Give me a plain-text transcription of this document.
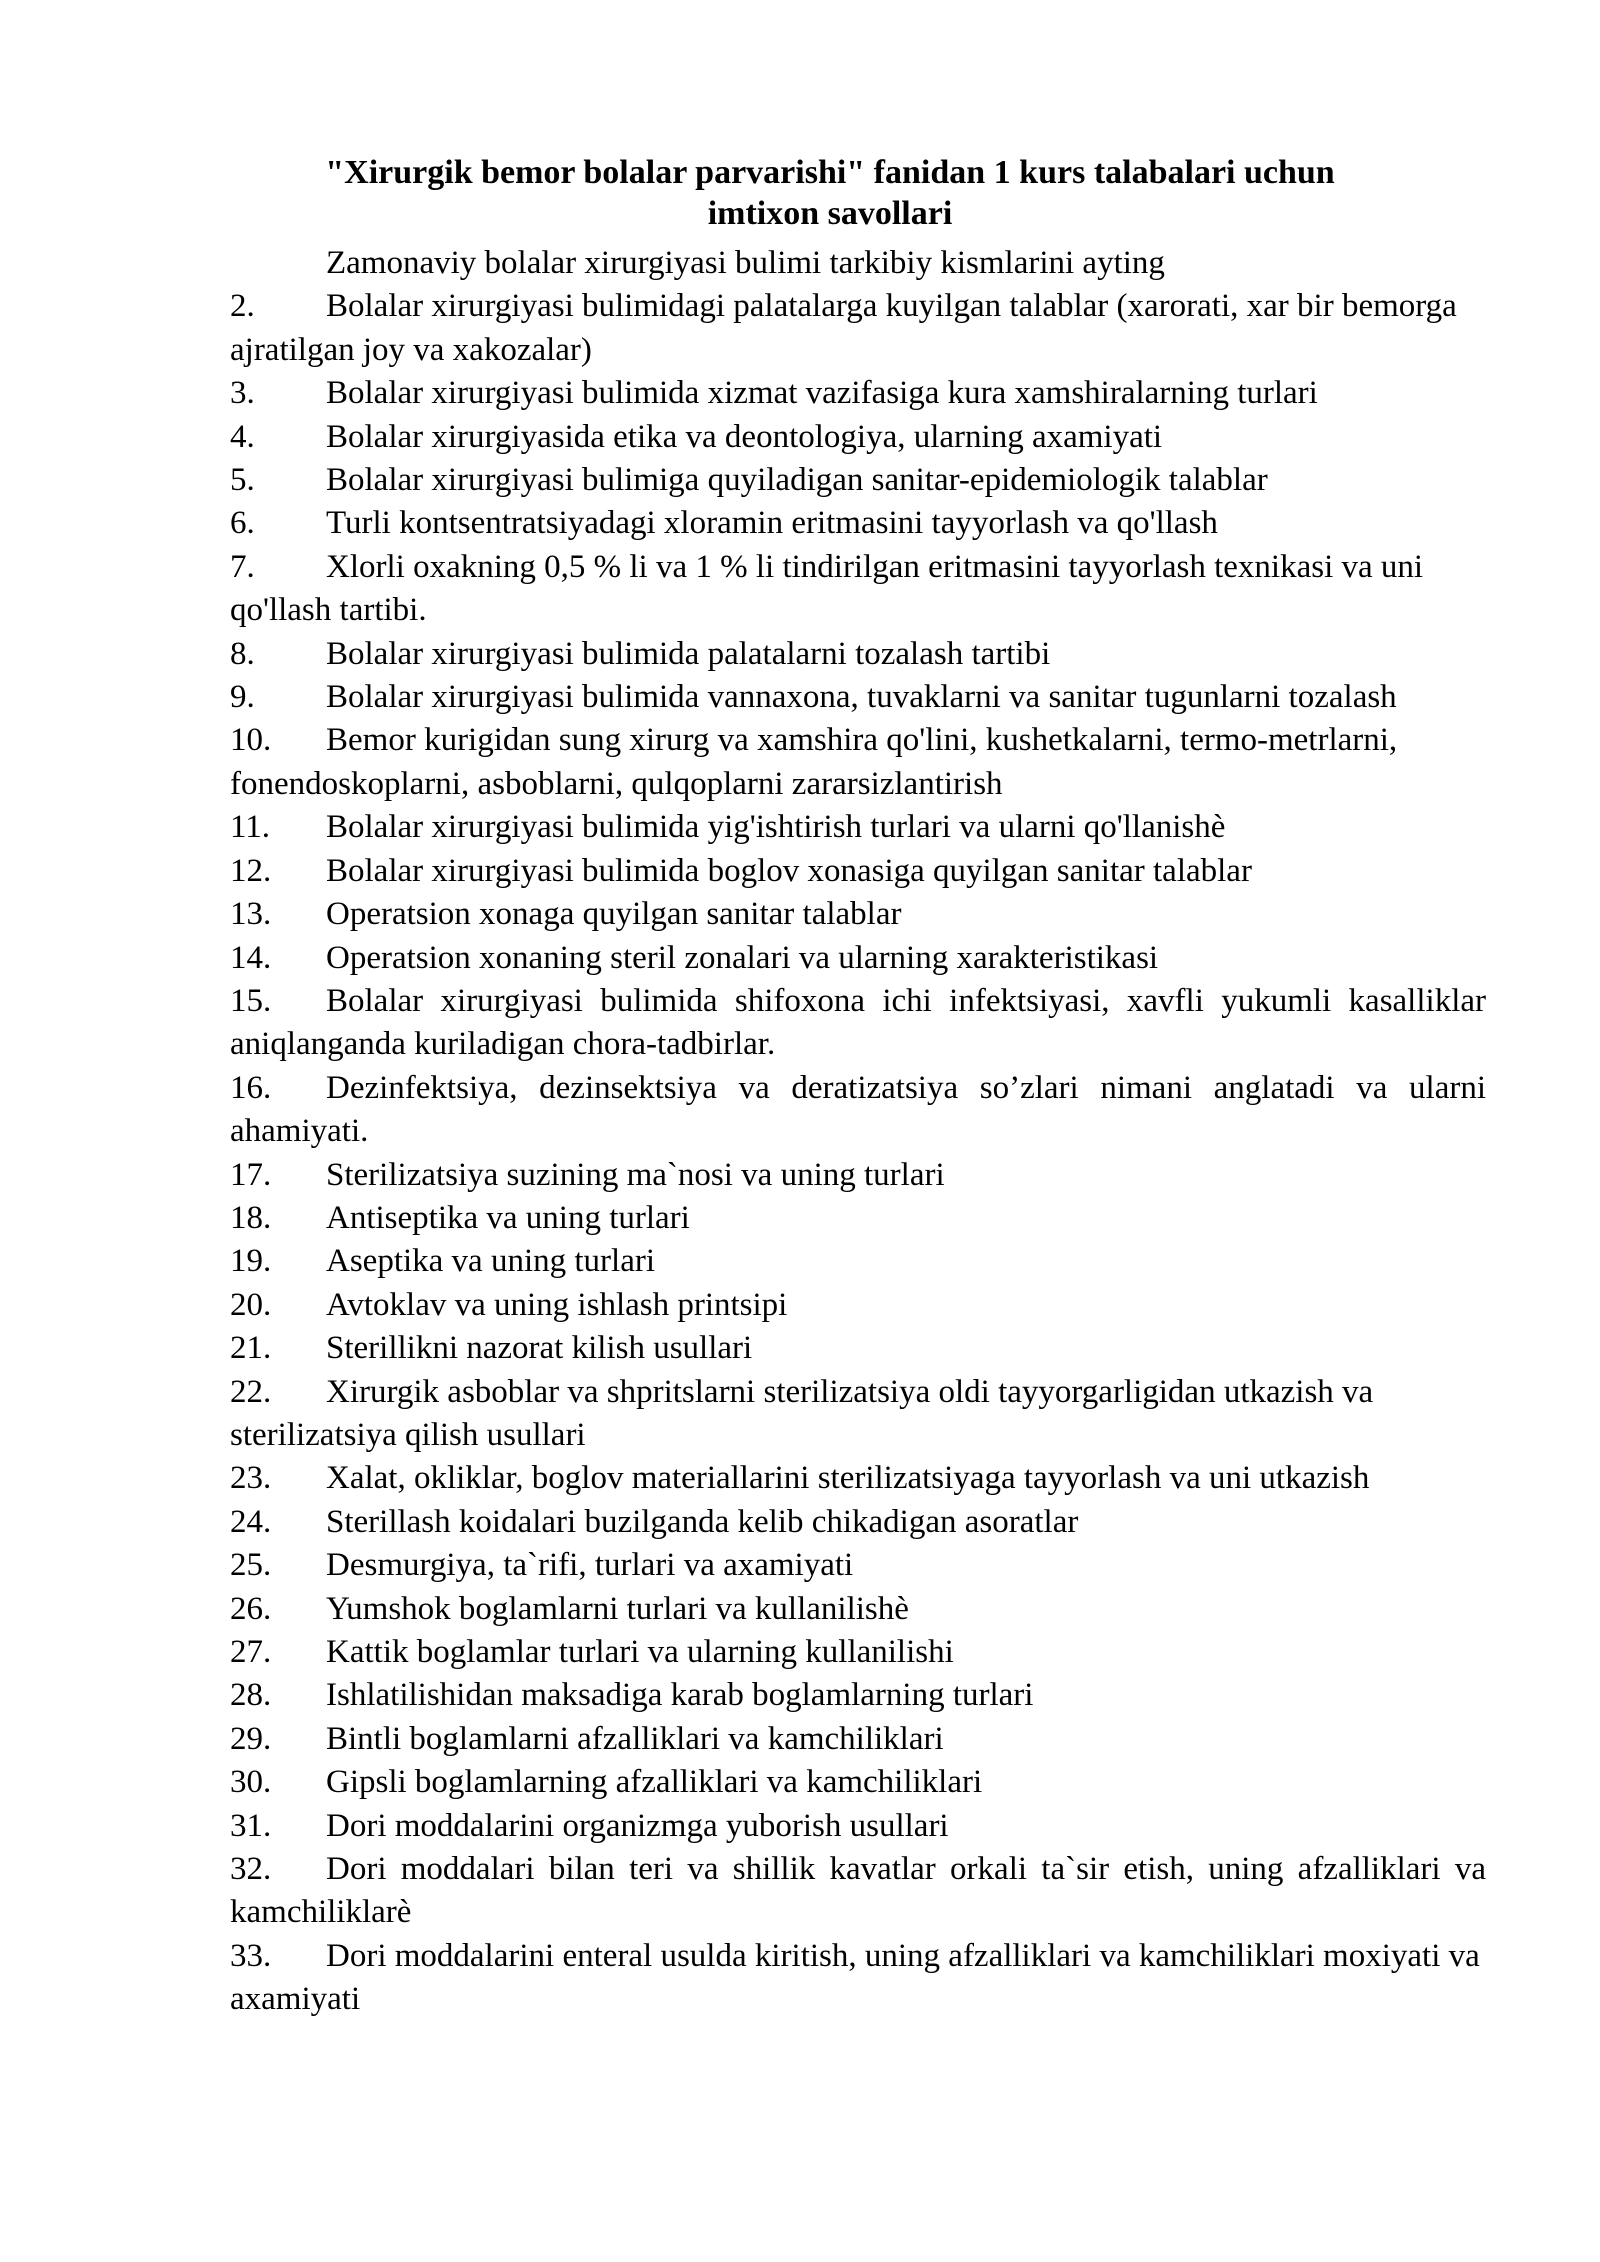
"Xirurgik bemor bolalar parvarishi" fanidan 1 kurs talabalari uchun
imtixon savollari
Zamonaviy bolalar xirurgiyasi bulimi tarkibiy kismlarini ayting
2. Bolalar xirurgiyasi bulimidagi palatalarga kuyilgan talablar (xarorati, xar bir bemorga ajratilgan joy va xakozalar)
3. Bolalar xirurgiyasi bulimida xizmat vazifasiga kura xamshiralarning turlari
4. Bolalar xirurgiyasida etika va deontologiya, ularning axamiyati
5. Bolalar xirurgiyasi bulimiga quyiladigan sanitar-epidemiologik talablar
6. Turli kontsentratsiyadagi xloramin eritmasini tayyorlash va qo'llash
7. Xlorli oxakning 0,5 % li va 1 % li tindirilgan eritmasini tayyorlash texnikasi va uni qo'llash tartibi.
8. Bolalar xirurgiyasi bulimida palatalarni tozalash tartibi
9. Bolalar xirurgiyasi bulimida vannaxona, tuvaklarni va sanitar tugunlarni tozalash
10. Bemor kurigidan sung xirurg va xamshira qo'lini, kushetkalarni, termo-metrlarni, fonendoskoplarni, asboblarni, qulqoplarni zararsizlantirish
11. Bolalar xirurgiyasi bulimida yig'ishtirish turlari va ularni qo'llanishè
12. Bolalar xirurgiyasi bulimida boglov xonasiga quyilgan sanitar talablar
13. Operatsion xonaga quyilgan sanitar talablar
14. Operatsion xonaning steril zonalari va ularning xarakteristikasi
15. Bolalar xirurgiyasi bulimida shifoxona ichi infektsiyasi, xavfli yukumli kasalliklar aniqlanganda kuriladigan chora-tadbirlar.
16. Dezinfektsiya, dezinsektsiya va deratizatsiya so’zlari nimani anglatadi va ularni ahamiyati.
17. Sterilizatsiya suzining ma`nosi va uning turlari
18. Antiseptika va uning turlari
19. Aseptika va uning turlari
20. Avtoklav va uning ishlash printsipi
21. Sterillikni nazorat kilish usullari
22. Xirurgik asboblar va shpritslarni sterilizatsiya oldi tayyorgarligidan utkazish va sterilizatsiya qilish usullari
23. Xalat, okliklar, boglov materiallarini sterilizatsiyaga tayyorlash va uni utkazish
24. Sterillash koidalari buzilganda kelib chikadigan asoratlar
25. Desmurgiya, ta`rifi, turlari va axamiyati
26. Yumshok boglamlarni turlari va kullanilishè
27. Kattik boglamlar turlari va ularning kullanilishi
28. Ishlatilishidan maksadiga karab boglamlarning turlari
29. Bintli boglamlarni afzalliklari va kamchiliklari
30. Gipsli boglamlarning afzalliklari va kamchiliklari
31. Dori moddalarini organizmga yuborish usullari
32. Dori moddalari bilan teri va shillik kavatlar orkali ta`sir etish, uning afzalliklari va kamchiliklarè
33. Dori moddalarini enteral usulda kiritish, uning afzalliklari va kamchiliklari moxiyati va axamiyati
